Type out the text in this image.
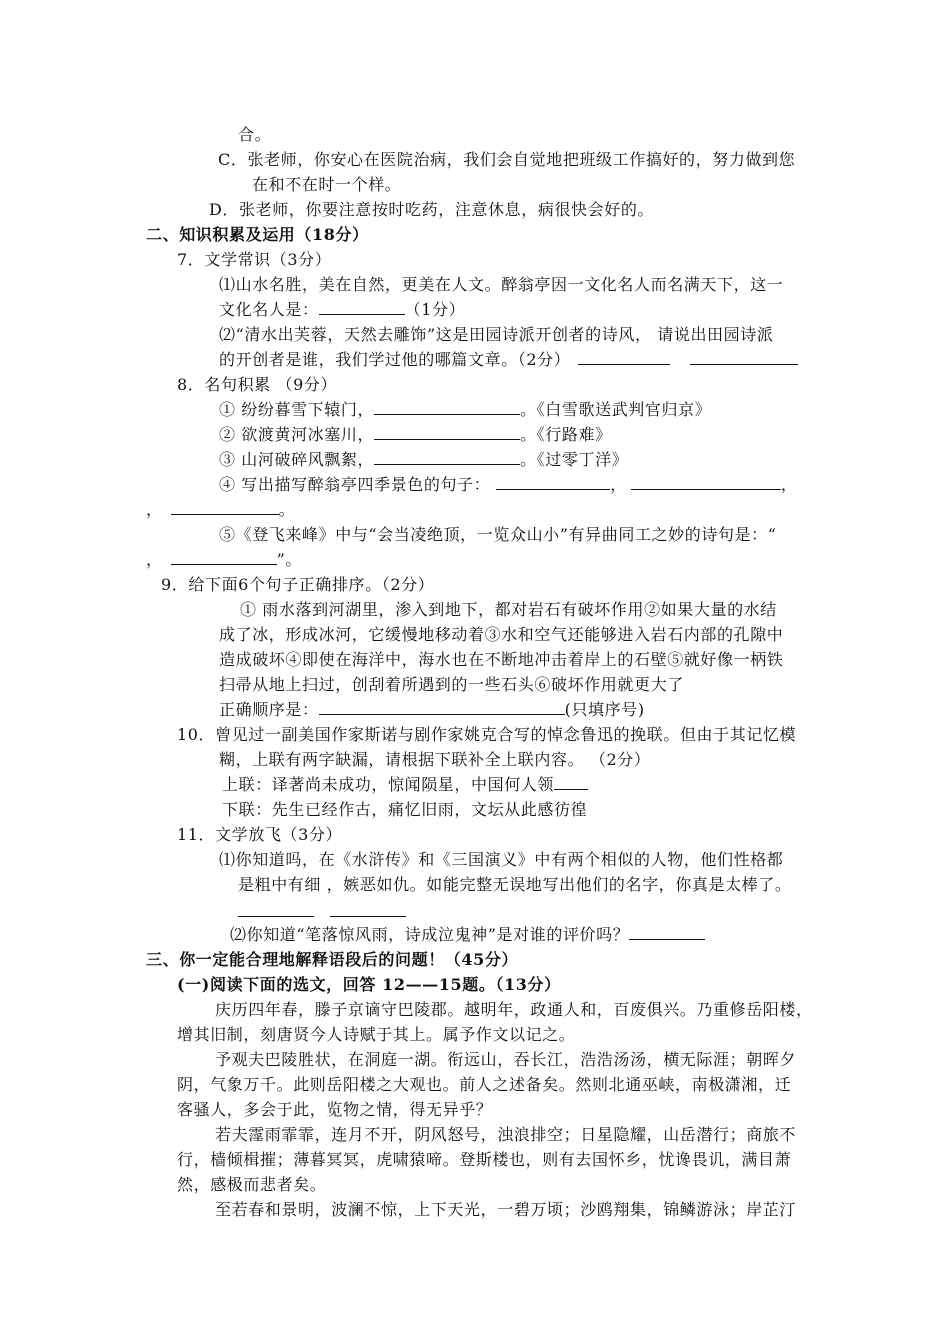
合。
C．张老师，你安心在医院治病，我们会自觉地把班级工作搞好的，努力做到您
在和不在时一个样。
D．张老师，你要注意按时吃药，注意休息，病很快会好的。
二、知识积累及运用（18分）
7．文学常识（3分）
⑴山水名胜，美在自然，更美在人文。醉翁亭因一文化名人而名满天下，这一
文化名人是：	（1分）
⑵“清水出芙蓉，天然去雕饰”这是田园诗派开创者的诗风， 请说出田园诗派
的开创者是谁，我们学过他的哪篇文章。（2分）
8．名句积累 （9分）
① 纷纷暮雪下辕门，	。《白雪歌送武判官归京》
② 欲渡黄河冰塞川，	。《行路难》
③ 山河破碎风飘絮，	。《过零丁洋》
④ 写出描写醉翁亭四季景色的句子：	，	，
，	。
⑤《登飞来峰》中与“会当凌绝顶，一览众山小”有异曲同工之妙的诗句是：“
，	”。
9．给下面6个句子正确排序。（2分）
① 雨水落到河湖里，渗入到地下，都对岩石有破坏作用②如果大量的水结
成了冰，形成冰河，它缓慢地移动着③水和空气还能够进入岩石内部的孔隙中
造成破坏④即使在海洋中，海水也在不断地冲击着岸上的石壁⑤就好像一柄铁
扫帚从地上扫过，创刮着所遇到的一些石头⑥破坏作用就更大了
正确顺序是：	(只填序号)
10．曾见过一副美国作家斯诺与剧作家姚克合写的悼念鲁迅的挽联。但由于其记忆模
糊，上联有两字缺漏，请根据下联补全上联内容。 （2分）
上联：译著尚未成功，惊闻陨星，中国何人领
下联：先生已经作古，痛忆旧雨，文坛从此感彷徨
11．文学放飞（3分）
⑴你知道吗，在《水浒传》和《三国演义》中有两个相似的人物，他们性格都
是粗中有细 ，嫉恶如仇。如能完整无误地写出他们的名字，你真是太棒了。
⑵你知道“笔落惊风雨，诗成泣鬼神”是对谁的评价吗？
三、你一定能合理地解释语段后的问题！（45分）
(一)阅读下面的选文，回答 12——15题。（13分）
庆历四年春，滕子京谪守巴陵郡。越明年，政通人和，百废俱兴。乃重修岳阳楼，
增其旧制，刻唐贤今人诗赋于其上。属予作文以记之。
予观夫巴陵胜状，在洞庭一湖。衔远山，吞长江，浩浩汤汤，横无际涯；朝晖夕
阴，气象万千。此则岳阳楼之大观也。前人之述备矣。然则北通巫峡，南极潇湘，迁
客骚人，多会于此，览物之情，得无异乎？
若夫霪雨霏霏，连月不开，阴风怒号，浊浪排空；日星隐耀，山岳潜行；商旅不
行，樯倾楫摧；薄暮冥冥，虎啸猿啼。登斯楼也，则有去国怀乡，忧谗畏讥，满目萧
然，感极而悲者矣。
至若春和景明，波澜不惊，上下天光，一碧万顷；沙鸥翔集，锦鳞游泳；岸芷汀
